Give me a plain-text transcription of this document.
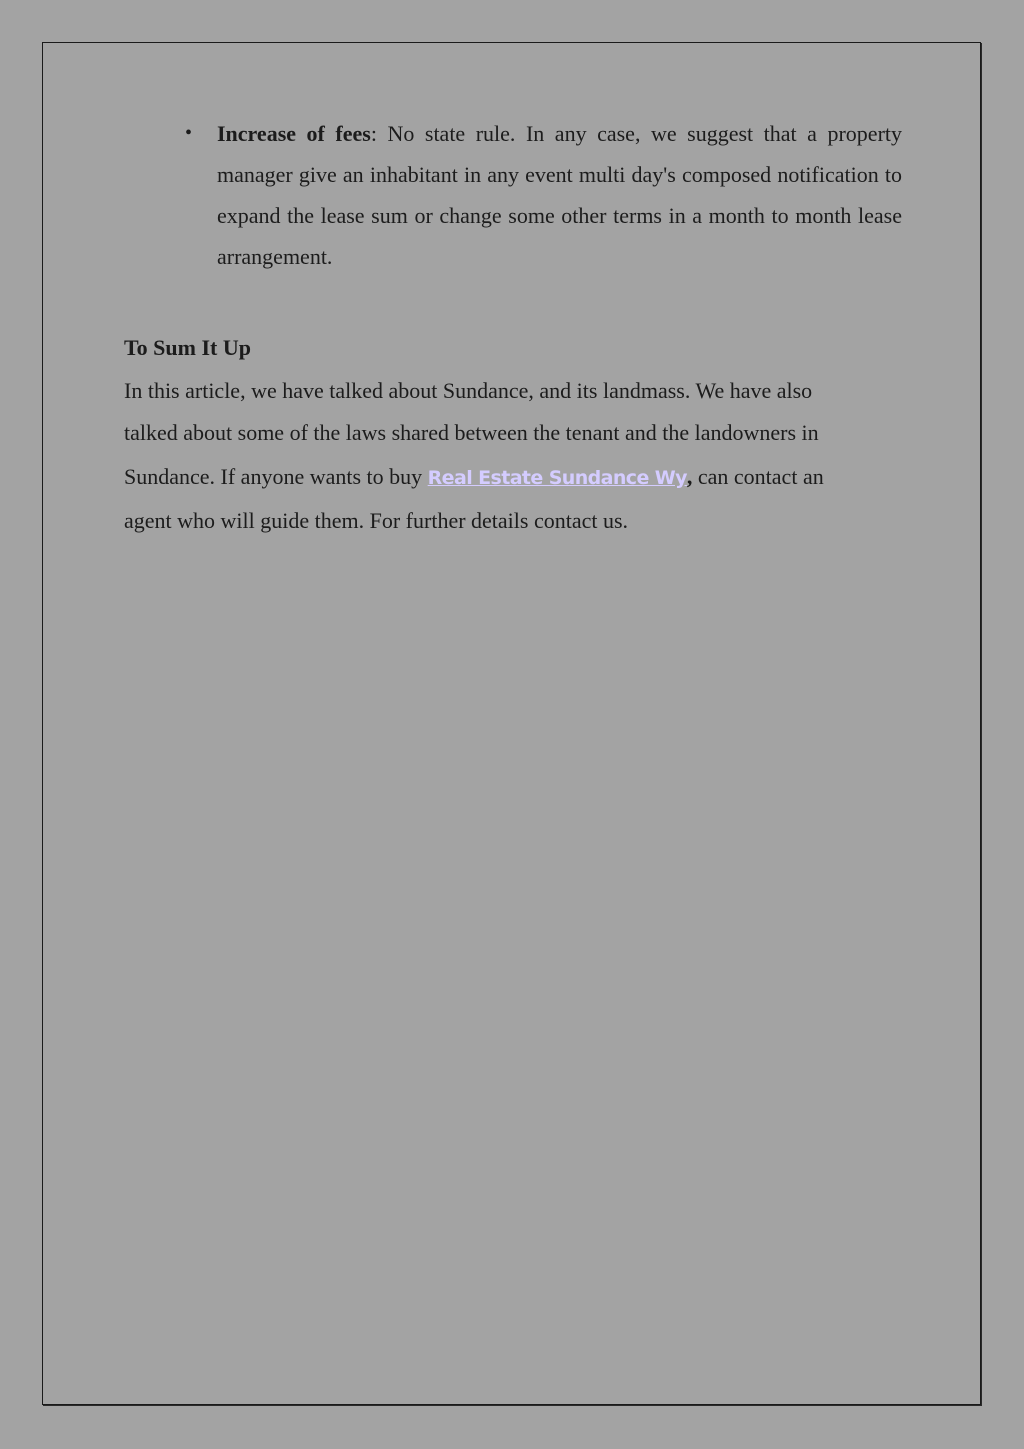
• Increase of fees: No state rule. In any case, we suggest that a property manager give an inhabitant in any event multi day's composed notification to expand the lease sum or change some other terms in a month to month lease arrangement.
To Sum It Up
In this article, we have talked about Sundance, and its landmass. We have also
talked about some of the laws shared between the tenant and the landowners in
Sundance. If anyone wants to buy Real Estate Sundance Wy, can contact an
agent who will guide them. For further details contact us.
